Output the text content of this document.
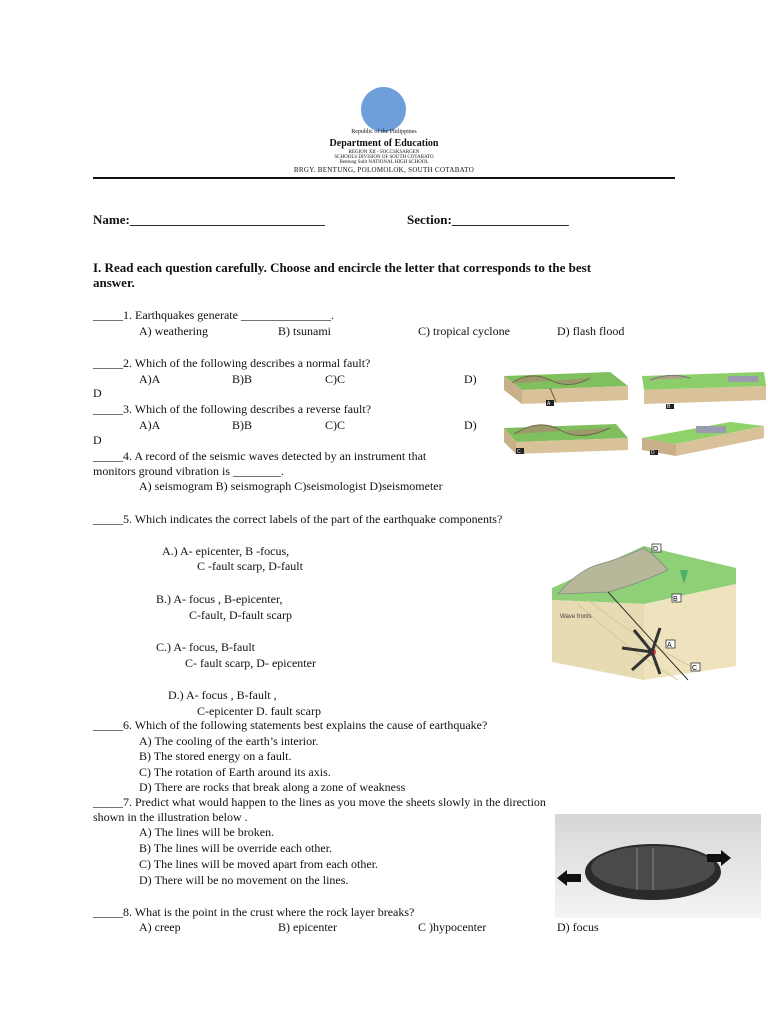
Republic of the Philippines
Department of Education
REGION XII - SOCCSKSARGEN
SCHOOLS DIVISION OF SOUTH COTABATO
Bentung Sulit NATIONAL HIGH SCHOOL
BRGY. BENTUNG, POLOMOLOK, SOUTH COTABATO
Name:______________________________	Section:__________________
I. Read each question carefully. Choose and encircle the letter that corresponds to the best
answer.
_____1. Earthquakes generate _______________.
A) weathering	B) tsunami	C) tropical cyclone	D) flash flood
_____2. Which of the following describes a normal fault?
A)A	B)B	C)C	D)
D
_____3. Which of the following describes a reverse fault?
A)A	B)B	C)C	D)
D
A	B
C	D
_____4. A record of the seismic waves detected by an instrument that
monitors ground vibration is ________.
A) seismogram B) seismograph C)seismologist D)seismometer
_____5. Which indicates the correct labels of the part of the earthquake components?
A.) A- epicenter, B -focus,
C -fault scarp, D-fault
B.) A- focus , B-epicenter,
C-fault, D-fault scarp
C.) A- focus, B-fault
C- fault scarp, D- epicenter
D.) A- focus , B-fault ,
C-epicenter D. fault scarp
Wave fronts
D
B
A
C
_____6. Which of the following statements best explains the cause of earthquake?
A) The cooling of the earth’s interior.
B) The stored energy on a fault.
C) The rotation of Earth around its axis.
D) There are rocks that break along a zone of weakness
_____7. Predict what would happen to the lines as you move the sheets slowly in the direction
shown in the illustration below .
A) The lines will be broken.
B) The lines will be override each other.
C) The lines will be moved apart from each other.
D) There will be no movement on the lines.
_____8. What is the point in the crust where the rock layer breaks?
A) creep	B) epicenter	C )hypocenter	D) focus
